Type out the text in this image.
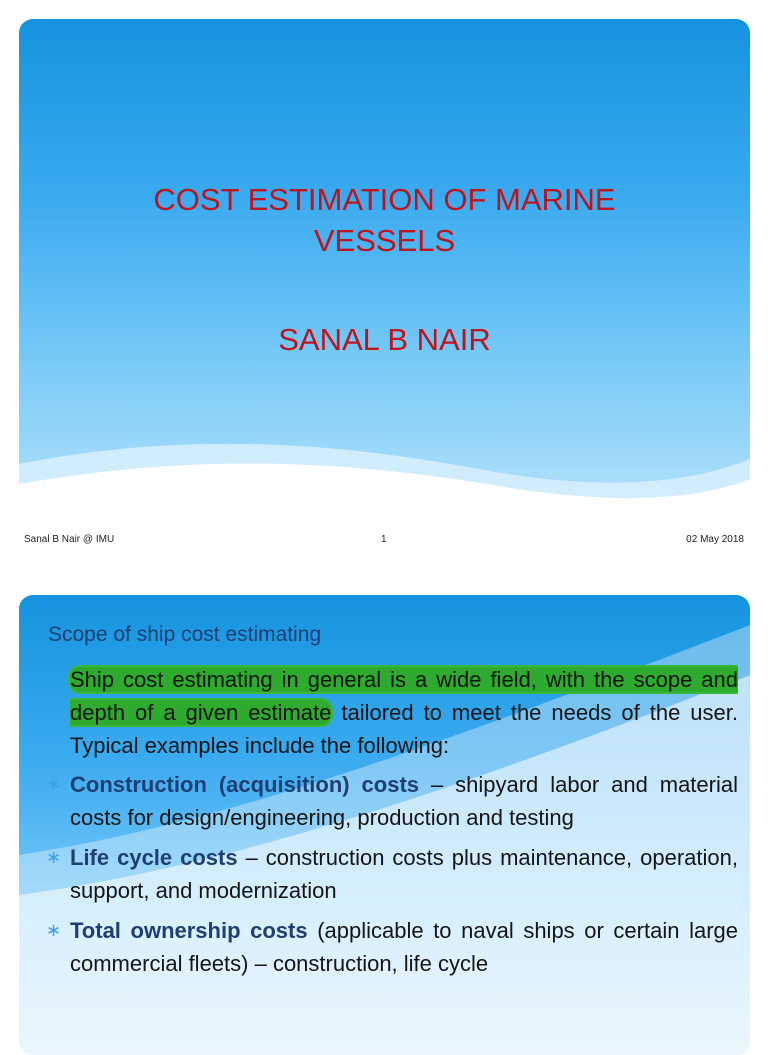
COST ESTIMATION OF MARINE
VESSELS
SANAL B NAIR
Sanal B Nair @ IMU	1	02 May 2018
Scope of ship cost estimating

Ship cost estimating in general is a wide field, with the scope and depth of a given estimate tailored to meet the needs of the user. Typical examples include the following:

∗ Construction (acquisition) costs – shipyard labor and material costs for design/engineering, production and testing
∗ Life cycle costs – construction costs plus maintenance, operation, support, and modernization
∗ Total ownership costs (applicable to naval ships or certain large commercial fleets) – construction, life cycle
